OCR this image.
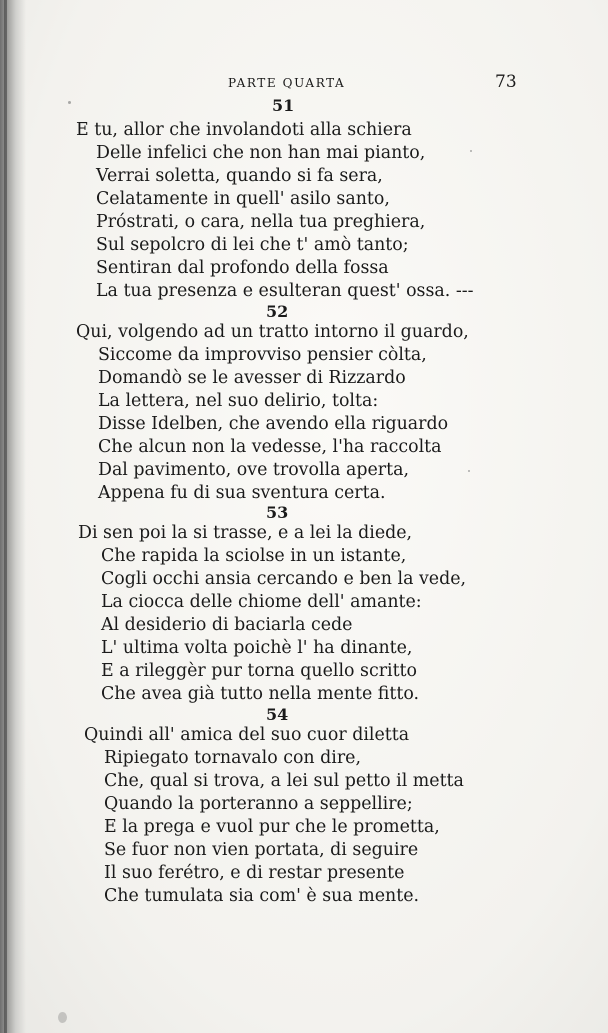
PARTE QUARTA	73
51
E tu, allor che involandoti alla schiera
Delle infelici che non han mai pianto,
Verrai soletta, quando si fa sera,
Celatamente in quell' asilo santo,
Próstrati, o cara, nella tua preghiera,
Sul sepolcro di lei che t' amò tanto;
Sentiran dal profondo della fossa
La tua presenza e esulteran quest' ossa. ---
52
Qui, volgendo ad un tratto intorno il guardo,
Siccome da improvviso pensier còlta,
Domandò se le avesser di Rizzardo
La lettera, nel suo delirio, tolta:
Disse Idelben, che avendo ella riguardo
Che alcun non la vedesse, l'ha raccolta
Dal pavimento, ove trovolla aperta,
Appena fu di sua sventura certa.
53
Di sen poi la si trasse, e a lei la diede,
Che rapida la sciolse in un istante,
Cogli occhi ansia cercando e ben la vede,
La ciocca delle chiome dell' amante:
Al desiderio di baciarla cede
L' ultima volta poichè l' ha dinante,
E a rileggèr pur torna quello scritto
Che avea già tutto nella mente fitto.
54
Quindi all' amica del suo cuor diletta
Ripiegato tornavalo con dire,
Che, qual si trova, a lei sul petto il metta
Quando la porteranno a seppellire;
E la prega e vuol pur che le prometta,
Se fuor non vien portata, di seguire
Il suo ferétro, e di restar presente
Che tumulata sia com' è sua mente.
